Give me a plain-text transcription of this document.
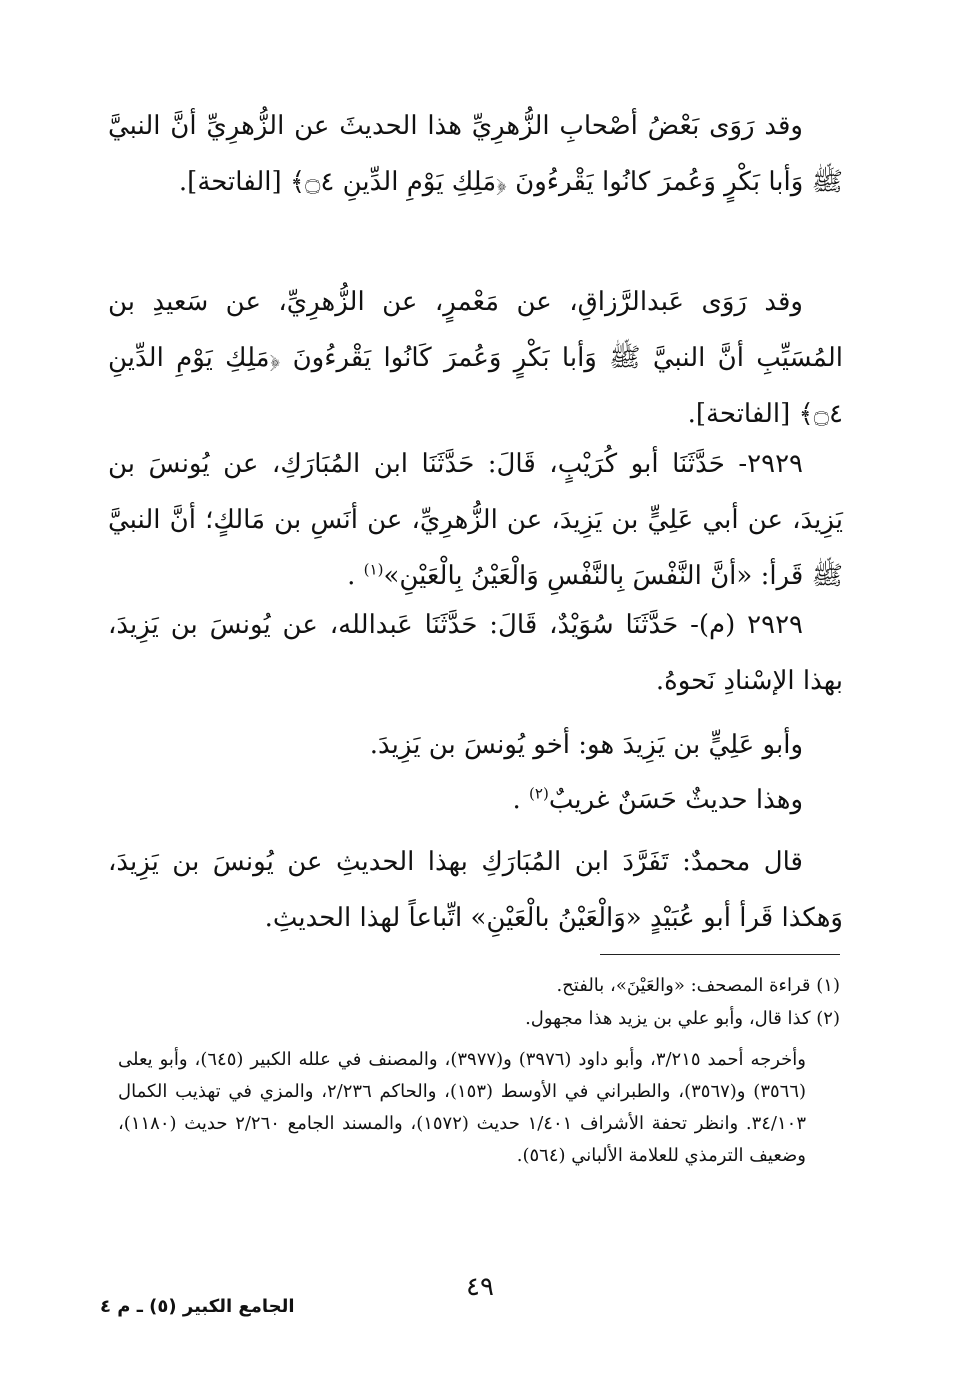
وقد رَوَى بَعْضُ أصْحابِ الزُّهرِيِّ هذا الحديثَ عن الزُّهرِيِّ أنَّ النبيَّ ﷺ وَأبا بَكْرٍ وَعُمرَ كانُوا يَقْرءُونَ ﴿مَلِكِ يَوْمِ الدِّينِ ۝٤﴾ [الفاتحة].

وقد رَوَى عَبدالرَّزاقِ، عن مَعْمرٍ، عن الزُّهرِيِّ، عن سَعيدِ بن المُسَيِّبِ أنَّ النبيَّ ﷺ وَأبا بَكْرٍ وَعُمرَ كَانُوا يَقْرءُونَ ﴿مَلِكِ يَوْمِ الدِّينِ ۝٤﴾ [الفاتحة].

٢٩٢٩- حَدَّثَنَا أبو كُرَيْبٍ، قَالَ: حَدَّثَنَا ابن المُبَارَكِ، عن يُونسَ بن يَزِيدَ، عن أبي عَلِيٍّ بن يَزِيدَ، عن الزُّهرِيِّ، عن أنَسِ بن مَالكٍ؛ أنَّ النبيَّ ﷺ قَرأ: «أنَّ النَّفْسَ بِالنَّفْسِ وَالْعَيْنُ بِالْعَيْنِ»$^{(١)}$ .

٢٩٢٩ (م)- حَدَّثَنَا سُوَيْدٌ، قَالَ: حَدَّثَنَا عَبدالله، عن يُونسَ بن يَزِيدَ، بهذا الإسْنادِ نَحوهُ.

وأبو عَلِيٍّ بن يَزِيدَ هو: أخو يُونسَ بن يَزِيدَ.

وهذا حديثٌ حَسَنٌ غريبٌ$^{(٢)}$ .

قال محمدٌ: تَفَرَّدَ ابن المُبَارَكِ بهذا الحديثِ عن يُونسَ بن يَزِيدَ، وَهكذا قَرأ أبو عُبَيْدٍ «وَالْعَيْنُ بالْعَيْنِ» اتِّباعاً لهذا الحديثِ.

(١) قراءة المصحف: «والعَيْنَ»، بالفتح.
(٢) كذا قال، وأبو علي بن يزيد هذا مجهول.
وأخرجه أحمد ٣/٢١٥، وأبو داود (٣٩٧٦) و(٣٩٧٧)، والمصنف في علله الكبير (٦٤٥)، وأبو يعلى (٣٥٦٦) و(٣٥٦٧)، والطبراني في الأوسط (١٥٣)، والحاكم ٢/٢٣٦، والمزي في تهذيب الكمال ٣٤/١٠٣. وانظر تحفة الأشراف ١/٤٠١ حديث (١٥٧٢)، والمسند الجامع ٢/٢٦٠ حديث (١١٨٠)، وضعيف الترمذي للعلامة الألباني (٥٦٤).
٤٩
الجامع الكبير (٥) ـ م ٤
